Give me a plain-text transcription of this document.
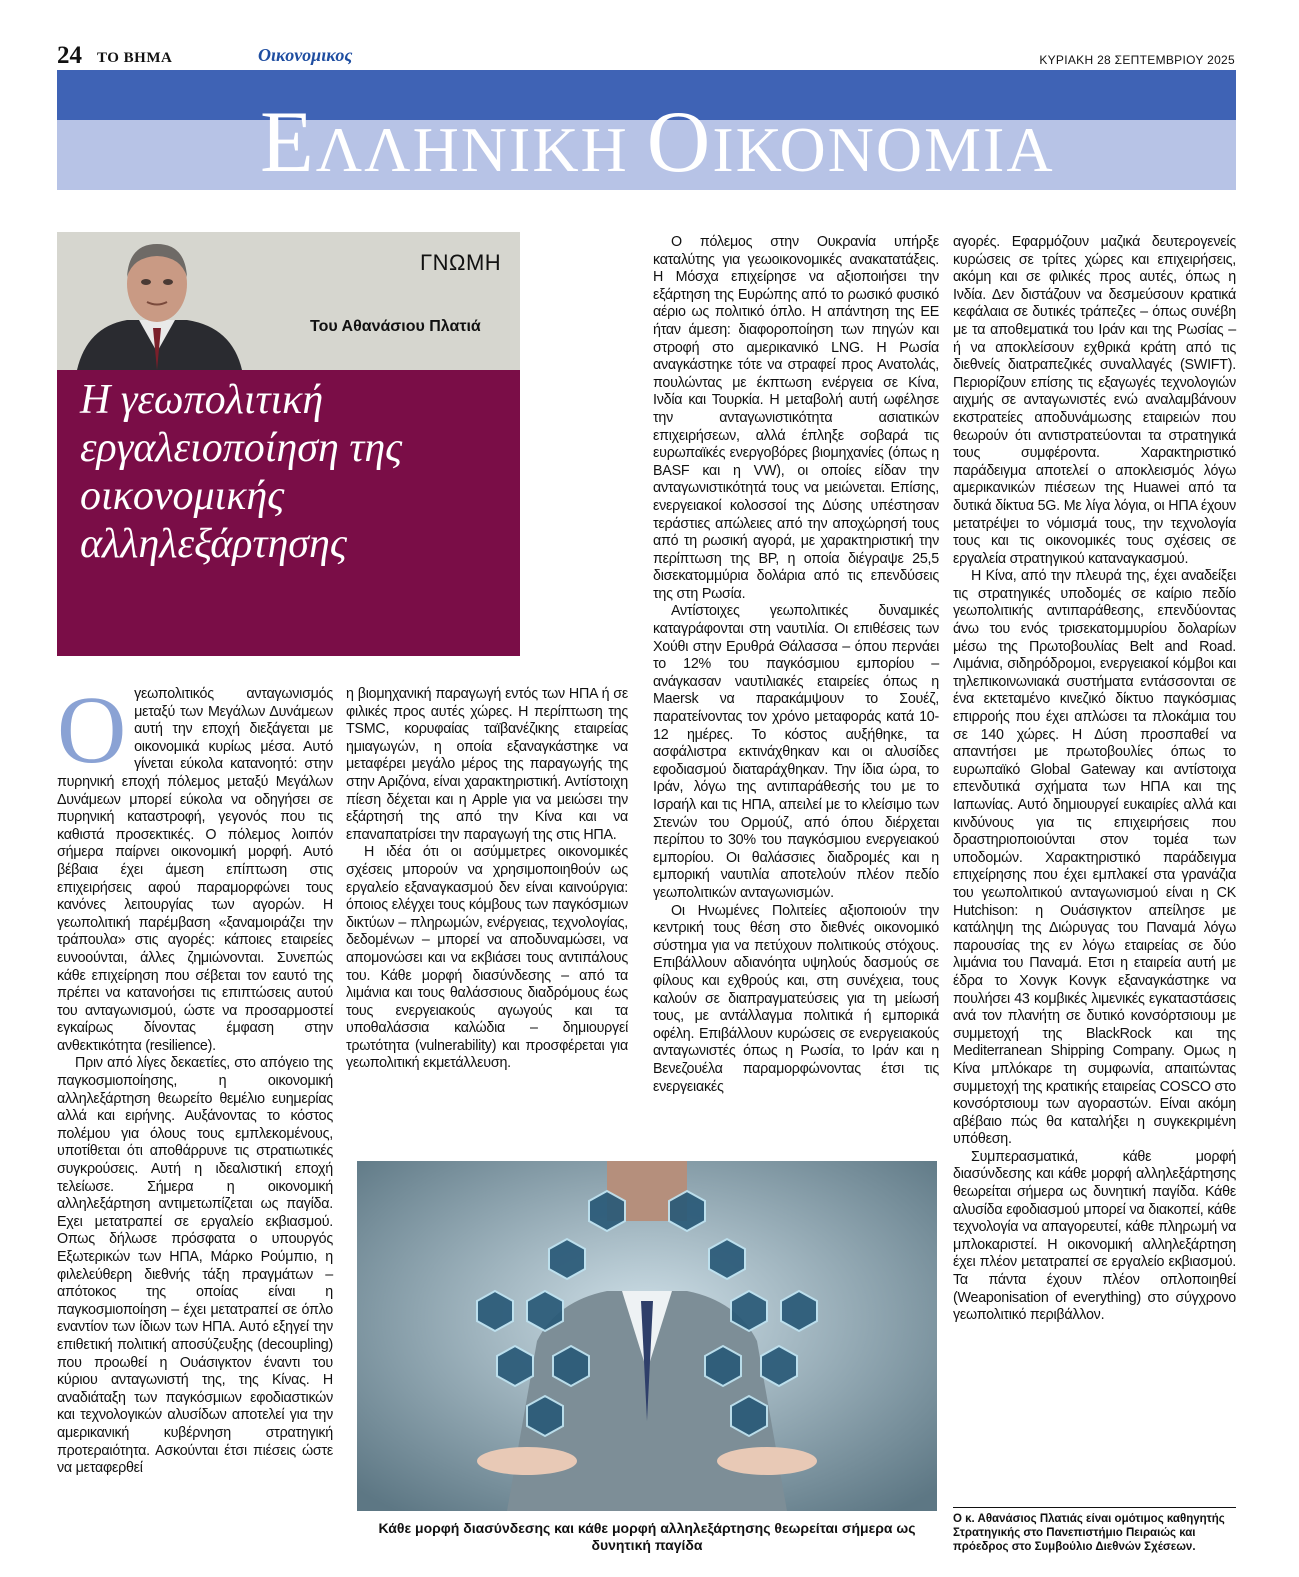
24 ΤΟ ΒΗΜΑ	Οικονομικος	ΚΥΡΙΑΚΗ 28 ΣΕΠΤΕΜΒΡΙΟΥ 2025
ΕΛΛΗΝΙΚΗ ΟΙΚΟΝΟΜΙΑ
ΓΝΩΜΗ
Του Αθανάσιου Πλατιά
Η γεωπολιτική εργαλειοποίηση της οικονομικής αλληλεξάρτησης

Ογεωπολιτικός ανταγωνισμός μεταξύ των Μεγάλων Δυνάμεων αυτή την εποχή διεξάγεται με οικονομικά κυρίως μέσα. Αυτό γίνεται εύκολα κατανοητό: στην πυρηνική εποχή πόλεμος μεταξύ Μεγάλων Δυνάμεων μπορεί εύκολα να οδηγήσει σε πυρηνική καταστροφή, γεγονός που τις καθιστά προσεκτικές. Ο πόλεμος λοιπόν σήμερα παίρνει οικονομική μορφή. Αυτό βέβαια έχει άμεση επίπτωση στις επιχειρήσεις αφού παραμορφώνει τους κανόνες λειτουργίας των αγορών. Η γεωπολιτική παρέμβαση «ξαναμοιράζει την τράπουλα» στις αγορές: κάποιες εταιρείες ευνοούνται, άλλες ζημιώνονται. Συνεπώς κάθε επιχείρηση που σέβεται τον εαυτό της πρέπει να κατανοήσει τις επιπτώσεις αυτού του ανταγωνισμού, ώστε να προσαρμοστεί εγκαίρως δίνοντας έμφαση στην ανθεκτικότητα (resilience).

Πριν από λίγες δεκαετίες, στο απόγειο της παγκοσμιοποίησης, η οικονομική αλληλεξάρτηση θεωρείτο θεμέλιο ευημερίας αλλά και ειρήνης. Αυξάνοντας το κόστος πολέμου για όλους τους εμπλεκομένους, υποτίθεται ότι αποθάρρυνε τις στρατιωτικές συγκρούσεις. Αυτή η ιδεαλιστική εποχή τελείωσε. Σήμερα η οικονομική αλληλεξάρτηση αντιμετωπίζεται ως παγίδα. Εχει μετατραπεί σε εργαλείο εκβιασμού. Οπως δήλωσε πρόσφατα ο υπουργός Εξωτερικών των ΗΠΑ, Μάρκο Ρούμπιο, η φιλελεύθερη διεθνής τάξη πραγμάτων – απότοκος της οποίας είναι η παγκοσμιοποίηση – έχει μετατραπεί σε όπλο εναντίον των ίδιων των ΗΠΑ. Αυτό εξηγεί την επιθετική πολιτική αποσύζευξης (decoupling) που προωθεί η Ουάσιγκτον έναντι του κύριου ανταγωνιστή της, της Κίνας. Η αναδιάταξη των παγκόσμιων εφοδιαστικών και τεχνολογικών αλυσίδων αποτελεί για την αμερικανική κυβέρνηση στρατηγική προτεραιότητα. Ασκούνται έτσι πιέσεις ώστε να μεταφερθεί

η βιομηχανική παραγωγή εντός των ΗΠΑ ή σε φιλικές προς αυτές χώρες. Η περίπτωση της TSMC, κορυφαίας ταϊβανέζικης εταιρείας ημιαγωγών, η οποία εξαναγκάστηκε να μεταφέρει μεγάλο μέρος της παραγωγής της στην Αριζόνα, είναι χαρακτηριστική. Αντίστοιχη πίεση δέχεται και η Apple για να μειώσει την εξάρτησή της από την Κίνα και να επαναπατρίσει την παραγωγή της στις ΗΠΑ.

Η ιδέα ότι οι ασύμμετρες οικονομικές σχέσεις μπορούν να χρησιμοποιηθούν ως εργαλείο εξαναγκασμού δεν είναι καινούργια: όποιος ελέγχει τους κόμβους των παγκόσμιων δικτύων – πληρωμών, ενέργειας, τεχνολογίας, δεδομένων – μπορεί να αποδυναμώσει, να απομονώσει και να εκβιάσει τους αντιπάλους του. Κάθε μορφή διασύνδεσης – από τα λιμάνια και τους θαλάσσιους διαδρόμους έως τους ενεργειακούς αγωγούς και τα υποθαλάσσια καλώδια – δημιουργεί τρωτότητα (vulnerability) και προσφέρεται για γεωπολιτική εκμετάλλευση.

Ο πόλεμος στην Ουκρανία υπήρξε καταλύτης για γεωοικονομικές ανακατατάξεις. Η Μόσχα επιχείρησε να αξιοποιήσει την εξάρτηση της Ευρώπης από το ρωσικό φυσικό αέριο ως πολιτικό όπλο. Η απάντηση της ΕΕ ήταν άμεση: διαφοροποίηση των πηγών και στροφή στο αμερικανικό LNG. Η Ρωσία αναγκάστηκε τότε να στραφεί προς Ανατολάς, πουλώντας με έκπτωση ενέργεια σε Κίνα, Ινδία και Τουρκία. Η μεταβολή αυτή ωφέλησε την ανταγωνιστικότητα ασιατικών επιχειρήσεων, αλλά έπληξε σοβαρά τις ευρωπαϊκές ενεργοβόρες βιομηχανίες (όπως η BASF και η VW), οι οποίες είδαν την ανταγωνιστικότητά τους να μειώνεται. Επίσης, ενεργειακοί κολοσσοί της Δύσης υπέστησαν τεράστιες απώλειες από την αποχώρησή τους από τη ρωσική αγορά, με χαρακτηριστική την περίπτωση της BP, η οποία διέγραψε 25,5 δισεκατομμύρια δολάρια από τις επενδύσεις της στη Ρωσία.

Αντίστοιχες γεωπολιτικές δυναμικές καταγράφονται στη ναυτιλία. Οι επιθέσεις των Χούθι στην Ερυθρά Θάλασσα – όπου περνάει το 12% του παγκόσμιου εμπορίου – ανάγκασαν ναυτιλιακές εταιρείες όπως η Maersk να παρακάμψουν το Σουέζ, παρατείνοντας τον χρόνο μεταφοράς κατά 10-12 ημέρες. Το κόστος αυξήθηκε, τα ασφάλιστρα εκτινάχθηκαν και οι αλυσίδες εφοδιασμού διαταράχθηκαν. Την ίδια ώρα, το Ιράν, λόγω της αντιπαράθεσής του με το Ισραήλ και τις ΗΠΑ, απειλεί με το κλείσιμο των Στενών του Ορμούζ, από όπου διέρχεται περίπου το 30% του παγκόσμιου ενεργειακού εμπορίου. Οι θαλάσσιες διαδρομές και η εμπορική ναυτιλία αποτελούν πλέον πεδίο γεωπολιτικών ανταγωνισμών.

Οι Ηνωμένες Πολιτείες αξιοποιούν την κεντρική τους θέση στο διεθνές οικονομικό σύστημα για να πετύχουν πολιτικούς στόχους. Επιβάλλουν αδιανόητα υψηλούς δασμούς σε φίλους και εχθρούς και, στη συνέχεια, τους καλούν σε διαπραγματεύσεις για τη μείωσή τους, με αντάλλαγμα πολιτικά ή εμπορικά οφέλη. Επιβάλλουν κυρώσεις σε ενεργειακούς ανταγωνιστές όπως η Ρωσία, το Ιράν και η Βενεζουέλα παραμορφώνοντας έτσι τις ενεργειακές

αγορές. Εφαρμόζουν μαζικά δευτερογενείς κυρώσεις σε τρίτες χώρες και επιχειρήσεις, ακόμη και σε φιλικές προς αυτές, όπως η Ινδία. Δεν διστάζουν να δεσμεύσουν κρατικά κεφάλαια σε δυτικές τράπεζες – όπως συνέβη με τα αποθεματικά του Ιράν και της Ρωσίας – ή να αποκλείσουν εχθρικά κράτη από τις διεθνείς διατραπεζικές συναλλαγές (SWIFT). Περιορίζουν επίσης τις εξαγωγές τεχνολογιών αιχμής σε ανταγωνιστές ενώ αναλαμβάνουν εκστρατείες αποδυνάμωσης εταιρειών που θεωρούν ότι αντιστρατεύονται τα στρατηγικά τους συμφέροντα. Χαρακτηριστικό παράδειγμα αποτελεί ο αποκλεισμός λόγω αμερικανικών πιέσεων της Huawei από τα δυτικά δίκτυα 5G. Με λίγα λόγια, οι ΗΠΑ έχουν μετατρέψει το νόμισμά τους, την τεχνολογία τους και τις οικονομικές τους σχέσεις σε εργαλεία στρατηγικού καταναγκασμού.

Η Κίνα, από την πλευρά της, έχει αναδείξει τις στρατηγικές υποδομές σε καίριο πεδίο γεωπολιτικής αντιπαράθεσης, επενδύοντας άνω του ενός τρισεκατομμυρίου δολαρίων μέσω της Πρωτοβουλίας Belt and Road. Λιμάνια, σιδηρόδρομοι, ενεργειακοί κόμβοι και τηλεπικοινωνιακά συστήματα εντάσσονται σε ένα εκτεταμένο κινεζικό δίκτυο παγκόσμιας επιρροής που έχει απλώσει τα πλοκάμια του σε 140 χώρες. Η Δύση προσπαθεί να απαντήσει με πρωτοβουλίες όπως το ευρωπαϊκό Global Gateway και αντίστοιχα επενδυτικά σχήματα των ΗΠΑ και της Ιαπωνίας. Αυτό δημιουργεί ευκαιρίες αλλά και κινδύνους για τις επιχειρήσεις που δραστηριοποιούνται στον τομέα των υποδομών. Χαρακτηριστικό παράδειγμα επιχείρησης που έχει εμπλακεί στα γρανάζια του γεωπολιτικού ανταγωνισμού είναι η CK Hutchison: η Ουάσιγκτον απείλησε με κατάληψη της Διώρυγας του Παναμά λόγω παρουσίας της εν λόγω εταιρείας σε δύο λιμάνια του Παναμά. Ετσι η εταιρεία αυτή με έδρα το Χονγκ Κονγκ εξαναγκάστηκε να πουλήσει 43 κομβικές λιμενικές εγκαταστάσεις ανά τον πλανήτη σε δυτικό κονσόρτσιουμ με συμμετοχή της BlackRock και της Mediterranean Shipping Company. Ομως η Κίνα μπλόκαρε τη συμφωνία, απαιτώντας συμμετοχή της κρατικής εταιρείας COSCO στο κονσόρτσιουμ των αγοραστών. Είναι ακόμη αβέβαιο πώς θα καταλήξει η συγκεκριμένη υπόθεση.

Συμπερασματικά, κάθε μορφή διασύνδεσης και κάθε μορφή αλληλεξάρτησης θεωρείται σήμερα ως δυνητική παγίδα. Κάθε αλυσίδα εφοδιασμού μπορεί να διακοπεί, κάθε τεχνολογία να απαγορευτεί, κάθε πληρωμή να μπλοκαριστεί. Η οικονομική αλληλεξάρτηση έχει πλέον μετατραπεί σε εργαλείο εκβιασμού. Τα πάντα έχουν πλέον οπλοποιηθεί (Weaponisation of everything) στο σύγχρονο γεωπολιτικό περιβάλλον.

Κάθε μορφή διασύνδεσης και κάθε μορφή αλληλεξάρτησης θεωρείται σήμερα ως δυνητική παγίδα
Ο κ. Αθανάσιος Πλατιάς είναι ομότιμος καθηγητής Στρατηγικής στο Πανεπιστήμιο Πειραιώς και πρόεδρος στο Συμβούλιο Διεθνών Σχέσεων.
